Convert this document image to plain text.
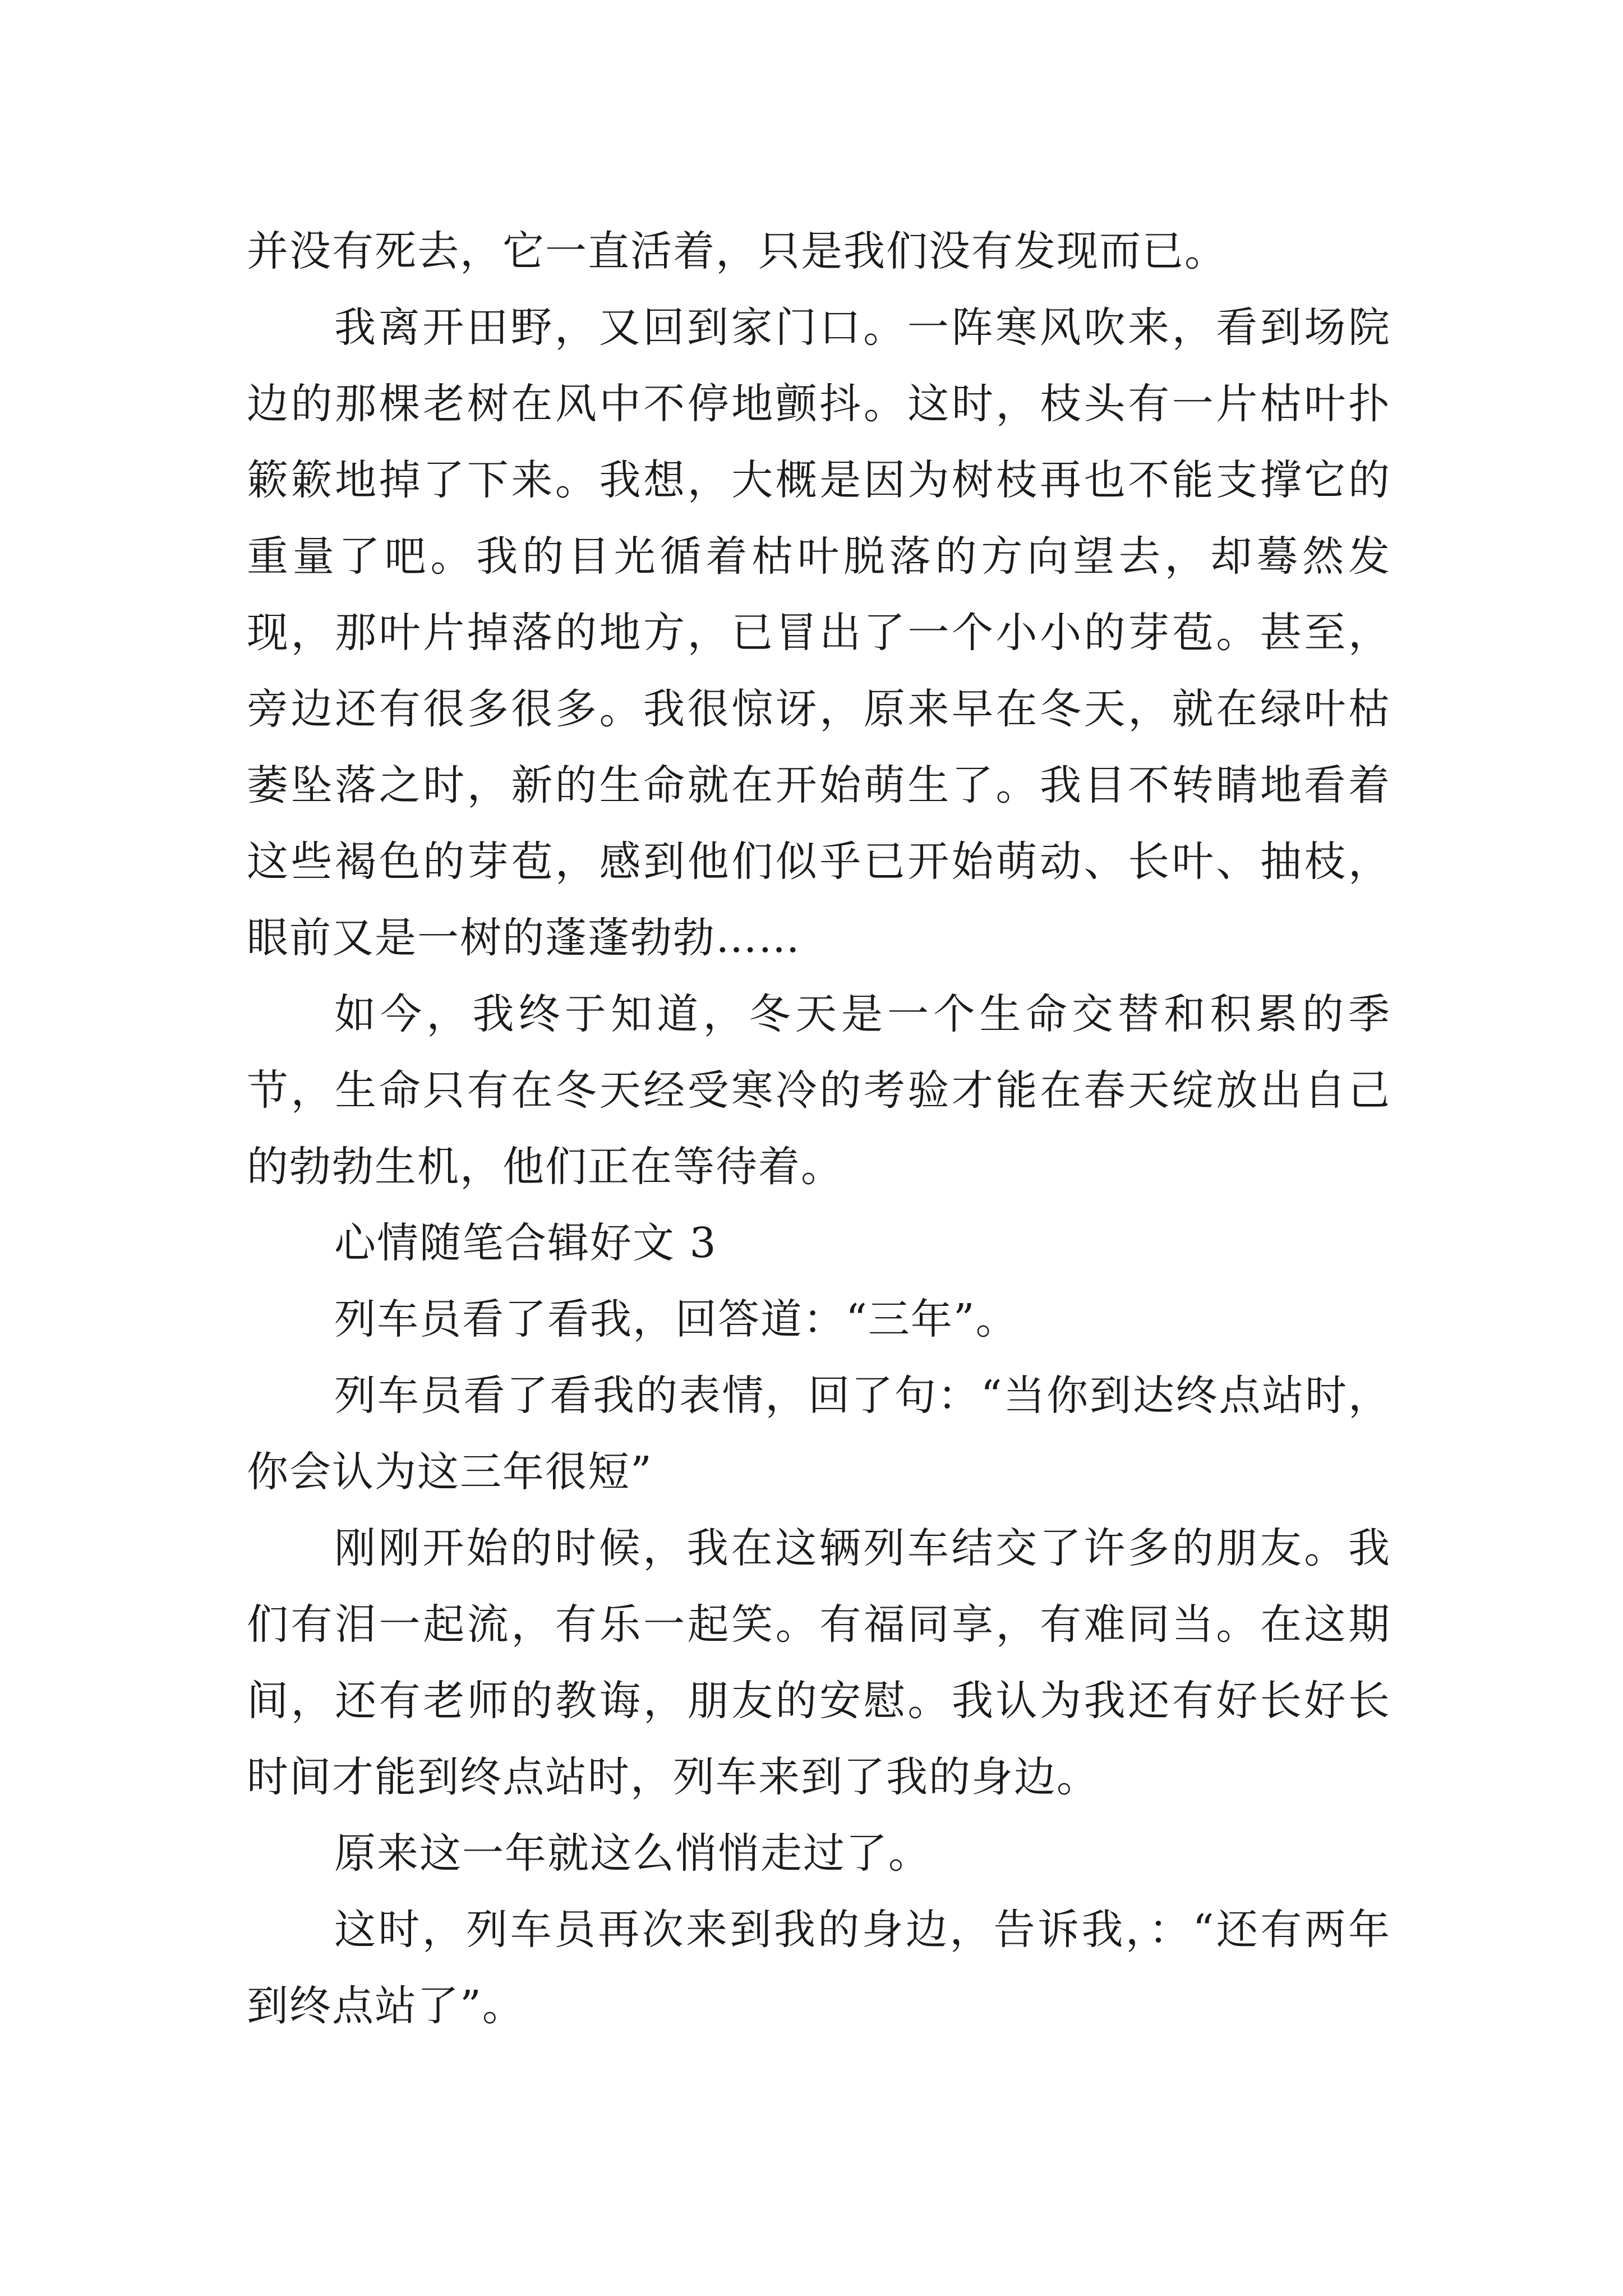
并没有死去，它一直活着，只是我们没有发现而已。

我离开田野，又回到家门口。一阵寒风吹来，看到场院边的那棵老树在风中不停地颤抖。这时，枝头有一片枯叶扑簌簌地掉了下来。我想，大概是因为树枝再也不能支撑它的重量了吧。我的目光循着枯叶脱落的方向望去，却蓦然发现，那叶片掉落的地方，已冒出了一个小小的芽苞。甚至，旁边还有很多很多。我很惊讶，原来早在冬天，就在绿叶枯萎坠落之时，新的生命就在开始萌生了。我目不转睛地看着这些褐色的芽苞，感到他们似乎已开始萌动、长叶、抽枝，眼前又是一树的蓬蓬勃勃……

如今，我终于知道，冬天是一个生命交替和积累的季节，生命只有在冬天经受寒冷的考验才能在春天绽放出自己的勃勃生机，他们正在等待着。

心情随笔合辑好文 3

列车员看了看我，回答道：“三年”。

列车员看了看我的表情，回了句：“当你到达终点站时，你会认为这三年很短”

刚刚开始的时候，我在这辆列车结交了许多的朋友。我们有泪一起流，有乐一起笑。有福同享，有难同当。在这期间，还有老师的教诲，朋友的安慰。我认为我还有好长好长时间才能到终点站时，列车来到了我的身边。

原来这一年就这么悄悄走过了。

这时，列车员再次来到我的身边，告诉我，：“还有两年到终点站了”。
